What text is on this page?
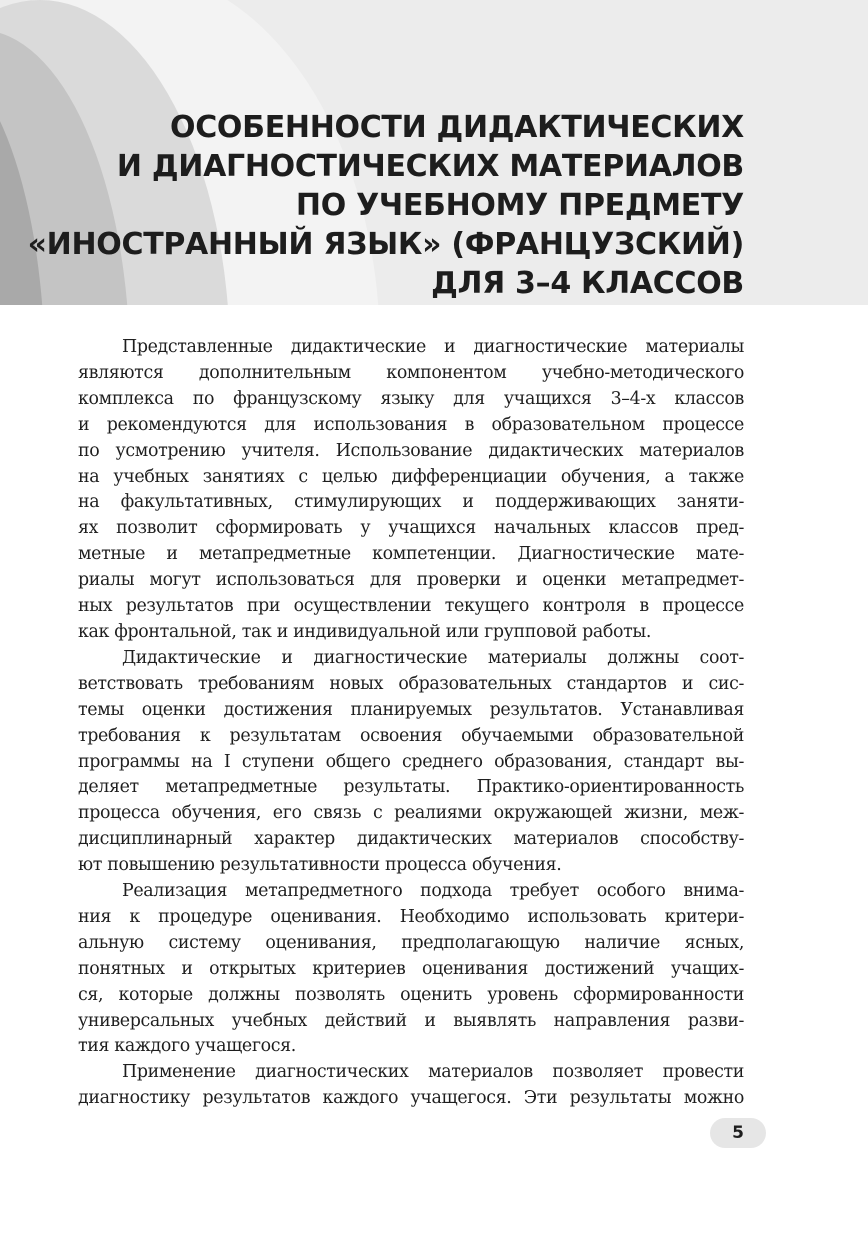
ОСОБЕННОСТИ ДИДАКТИЧЕСКИХ
И ДИАГНОСТИЧЕСКИХ МАТЕРИАЛОВ
ПО УЧЕБНОМУ ПРЕДМЕТУ
«ИНОСТРАННЫЙ ЯЗЫК» (ФРАНЦУЗСКИЙ)
ДЛЯ 3–4 КЛАССОВ
Представленные дидактические и диагностические материалы
являются дополнительным компонентом учебно-методического
комплекса по французскому языку для учащихся 3–4-х классов
и рекомендуются для использования в образовательном процессе
по усмотрению учителя. Использование дидактических материалов
на учебных занятиях с целью дифференциации обучения, а также
на факультативных, стимулирующих и поддерживающих заняти-
ях позволит сформировать у учащихся начальных классов пред-
метные и метапредметные компетенции. Диагностические мате-
риалы могут использоваться для проверки и оценки метапредмет-
ных результатов при осуществлении текущего контроля в процессе
как фронтальной, так и индивидуальной или групповой работы.
Дидактические и диагностические материалы должны соот-
ветствовать требованиям новых образовательных стандартов и сис-
темы оценки достижения планируемых результатов. Устанавливая
требования к результатам освоения обучаемыми образовательной
программы на I ступени общего среднего образования, стандарт вы-
деляет метапредметные результаты. Практико-ориентированность
процесса обучения, его связь с реалиями окружающей жизни, меж-
дисциплинарный характер дидактических материалов способству-
ют повышению результативности процесса обучения.
Реализация метапредметного подхода требует особого внима-
ния к процедуре оценивания. Необходимо использовать критери-
альную систему оценивания, предполагающую наличие ясных,
понятных и открытых критериев оценивания достижений учащих-
ся, которые должны позволять оценить уровень сформированности
универсальных учебных действий и выявлять направления разви-
тия каждого учащегося.
Применение диагностических материалов позволяет провести
диагностику результатов каждого учащегося. Эти результаты можно
5
